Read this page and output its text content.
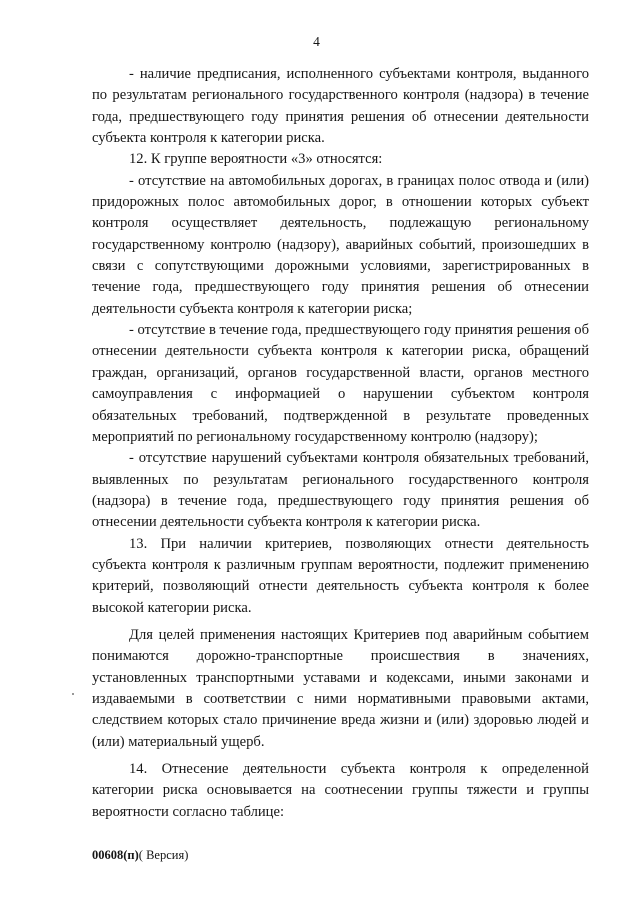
4

- наличие предписания, исполненного субъектами контроля, выданного по результатам регионального государственного контроля (надзора) в течение года, предшествующего году принятия решения об отнесении деятельности субъекта контроля к категории риска.

12. К группе вероятности «3» относятся:

- отсутствие на автомобильных дорогах, в границах полос отвода и (или) придорожных полос автомобильных дорог, в отношении которых субъект контроля осуществляет деятельность, подлежащую региональному государственному контролю (надзору), аварийных событий, произошедших в связи с сопутствующими дорожными условиями, зарегистрированных в течение года, предшествующего году принятия решения об отнесении деятельности субъекта контроля к категории риска;

- отсутствие в течение года, предшествующего году принятия решения об отнесении деятельности субъекта контроля к категории риска, обращений граждан, организаций, органов государственной власти, органов местного самоуправления с информацией о нарушении субъектом контроля обязательных требований, подтвержденной в результате проведенных мероприятий по региональному государственному контролю (надзору);

- отсутствие нарушений субъектами контроля обязательных требований, выявленных по результатам регионального государственного контроля (надзора) в течение года, предшествующего году принятия решения об отнесении деятельности субъекта контроля к категории риска.

13. При наличии критериев, позволяющих отнести деятельность субъекта контроля к различным группам вероятности, подлежит применению критерий, позволяющий отнести деятельность субъекта контроля к более высокой категории риска.

Для целей применения настоящих Критериев под аварийным событием понимаются дорожно-транспортные происшествия в значениях, установленных транспортными уставами и кодексами, иными законами и издаваемыми в соответствии с ними нормативными правовыми актами, следствием которых стало причинение вреда жизни и (или) здоровью людей и (или) материальный ущерб.

14. Отнесение деятельности субъекта контроля к определенной категории риска основывается на соотнесении группы тяжести и группы вероятности согласно таблице:

00608(п)( Версия)
